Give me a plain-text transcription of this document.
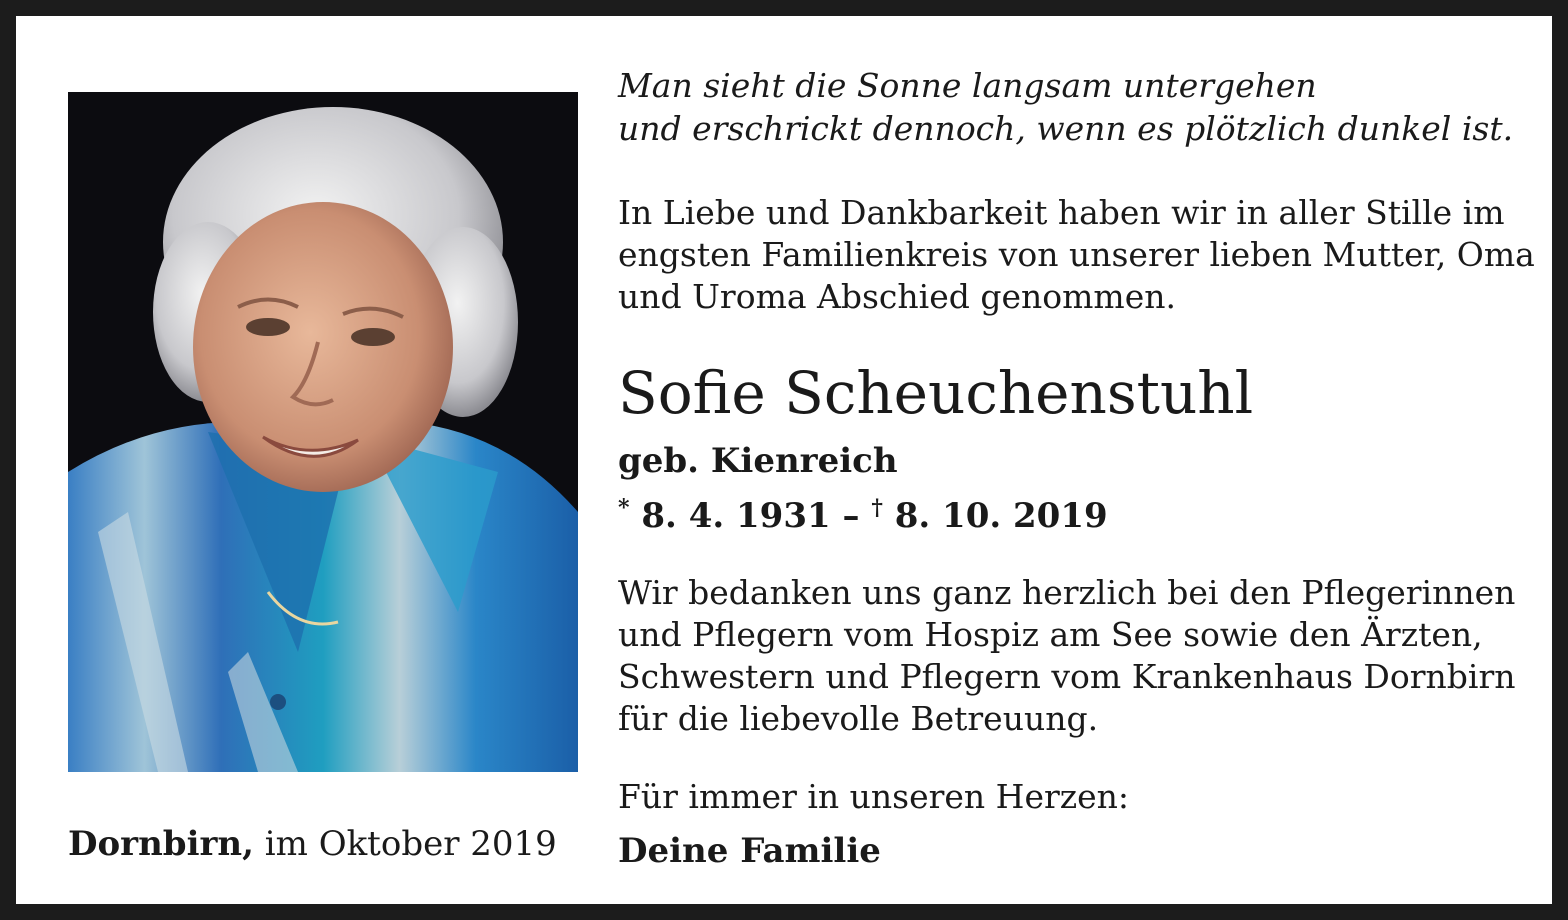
Dornbirn, im Oktober 2019
Man sieht die Sonne langsam untergehen
und erschrickt dennoch, wenn es plötzlich dunkel ist.
In Liebe und Dankbarkeit haben wir in aller Stille im
engsten Familienkreis von unserer lieben Mutter, Oma
und Uroma Abschied genommen.
Sofie Scheuchenstuhl
geb. Kienreich
* 8. 4. 1931 – † 8. 10. 2019
Wir bedanken uns ganz herzlich bei den Pflegerinnen
und Pflegern vom Hospiz am See sowie den Ärzten,
Schwestern und Pflegern vom Krankenhaus Dornbirn
für die liebevolle Betreuung.
Für immer in unseren Herzen:
Deine Familie
